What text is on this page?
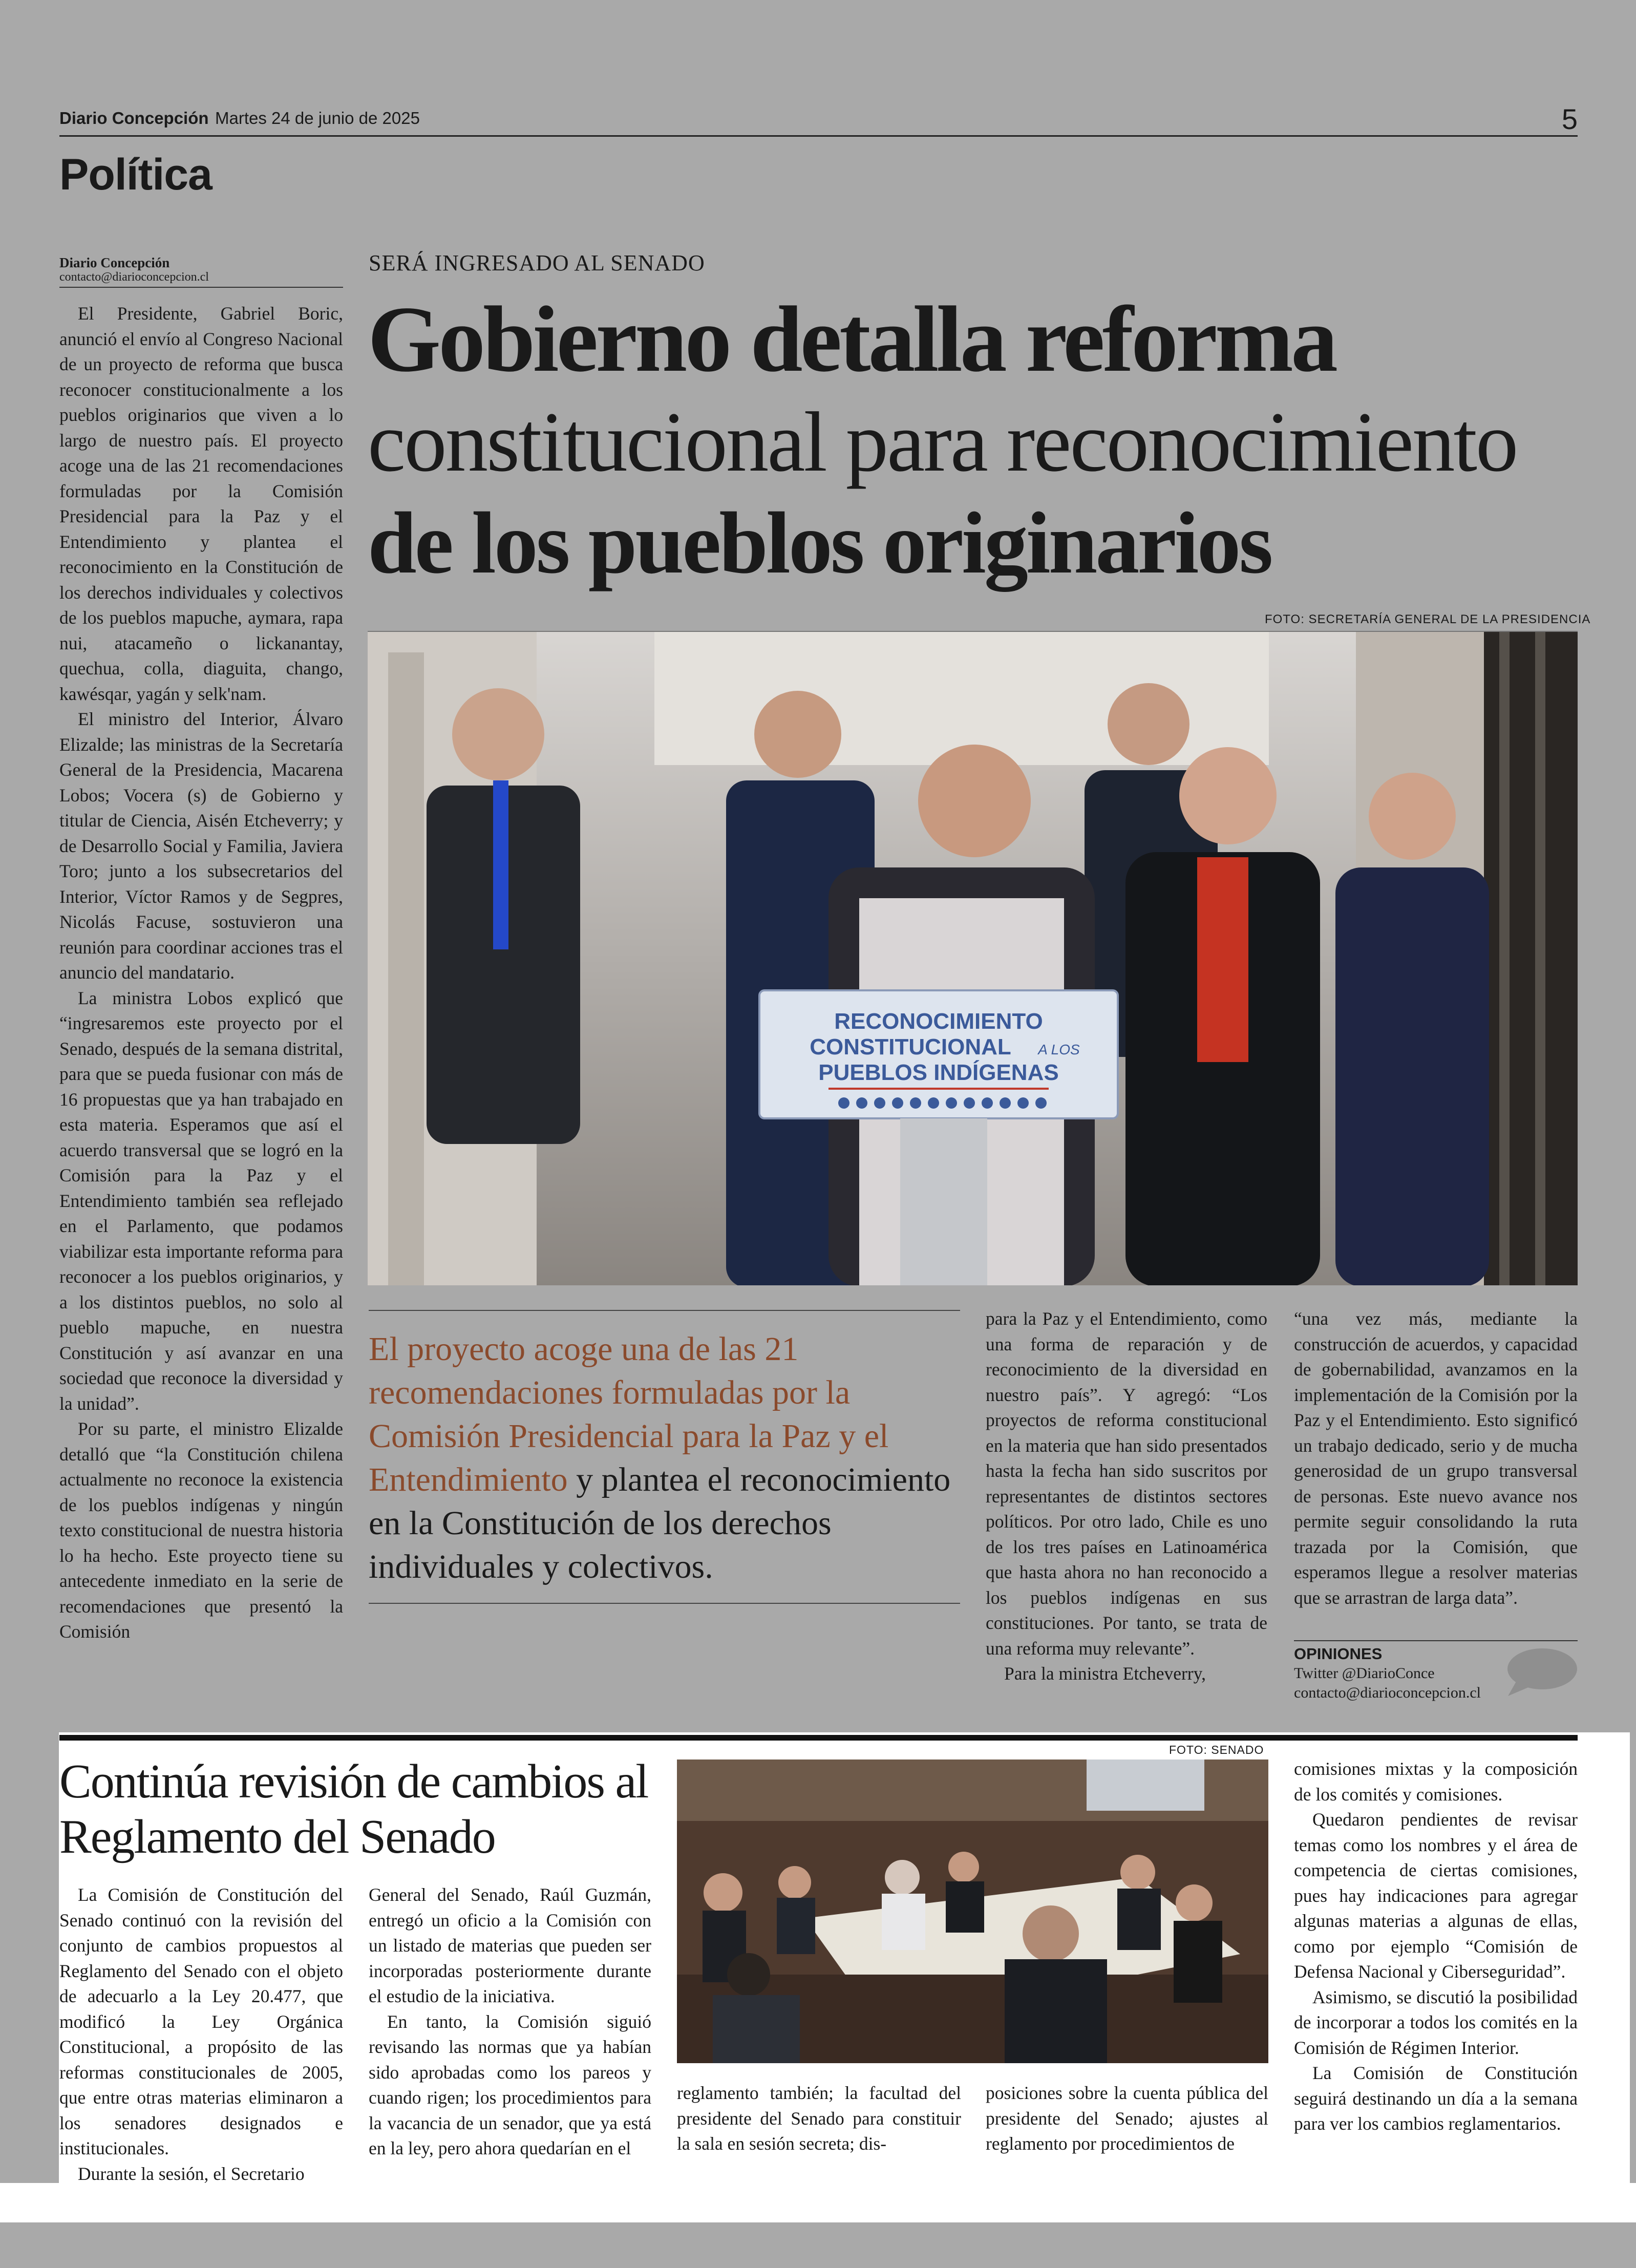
Diario Concepción Martes 24 de junio de 2025	5
Política
Diario Concepción
contacto@diarioconcepcion.cl

El Presidente, Gabriel Boric, anunció el envío al Congreso Nacional de un proyecto de reforma que busca reconocer constitucionalmente a los pueblos originarios que viven a lo largo de nuestro país. El proyecto acoge una de las 21 recomendaciones formuladas por la Comisión Presidencial para la Paz y el Entendimiento y plantea el reconocimiento en la Constitución de los derechos individuales y colectivos de los pueblos mapuche, aymara, rapa nui, atacameño o lickanantay, quechua, colla, diaguita, chango, kawésqar, yagán y selk'nam.

El ministro del Interior, Álvaro Elizalde; las ministras de la Secretaría General de la Presidencia, Macarena Lobos; Vocera (s) de Gobierno y titular de Ciencia, Aisén Etcheverry; y de Desarrollo Social y Familia, Javiera Toro; junto a los subsecretarios del Interior, Víctor Ramos y de Segpres, Nicolás Facuse, sostuvieron una reunión para coordinar acciones tras el anuncio del mandatario.

La ministra Lobos explicó que “ingresaremos este proyecto por el Senado, después de la semana distrital, para que se pueda fusionar con más de 16 propuestas que ya han trabajado en esta materia. Esperamos que así el acuerdo transversal que se logró en la Comisión para la Paz y el Entendimiento también sea reflejado en el Parlamento, que podamos viabilizar esta importante reforma para reconocer a los pueblos originarios, y a los distintos pueblos, no solo al pueblo mapuche, en nuestra Constitución y así avanzar en una sociedad que reconoce la diversidad y la unidad”.

Por su parte, el ministro Elizalde detalló que “la Constitución chilena actualmente no reconoce la existencia de los pueblos indígenas y ningún texto constitucional de nuestra historia lo ha hecho. Este proyecto tiene su antecedente inmediato en la serie de recomendaciones que presentó la Comisión

SERÁ INGRESADO AL SENADO
Gobierno detalla reforma
constitucional para reconocimiento
de los pueblos originarios
FOTO: SECRETARÍA GENERAL DE LA PRESIDENCIA
RECONOCIMIENTO
CONSTITUCIONAL A LOS
PUEBLOS INDÍGENAS
El proyecto acoge una de las 21 recomendaciones formuladas por la Comisión Presidencial para la Paz y el Entendimiento y plantea el reconocimiento en la Constitución de los derechos individuales y colectivos.

para la Paz y el Entendimiento, como una forma de reparación y de reconocimiento de la diversidad en nuestro país”. Y agregó: “Los proyectos de reforma constitucional en la materia que han sido presentados hasta la fecha han sido suscritos por representantes de distintos sectores políticos. Por otro lado, Chile es uno de los tres países en Latinoamérica que hasta ahora no han reconocido a los pueblos indígenas en sus constituciones. Por tanto, se trata de una reforma muy relevante”.

Para la ministra Etcheverry,

“una vez más, mediante la construcción de acuerdos, y capacidad de gobernabilidad, avanzamos en la implementación de la Comisión por la Paz y el Entendimiento. Esto significó un trabajo dedicado, serio y de mucha generosidad de un grupo transversal de personas. Este nuevo avance nos permite seguir consolidando la ruta trazada por la Comisión, que esperamos llegue a resolver materias que se arrastran de larga data”.

OPINIONES
Twitter @DiarioConce
contacto@diarioconcepcion.cl
Continúa revisión de cambios al Reglamento del Senado

La Comisión de Constitución del Senado continuó con la revisión del conjunto de cambios propuestos al Reglamento del Senado con el objeto de adecuarlo a la Ley 20.477, que modificó la Ley Orgánica Constitucional, a propósito de las reformas constitucionales de 2005, que entre otras materias eliminaron a los senadores designados e institucionales.

Durante la sesión, el Secretario

General del Senado, Raúl Guzmán, entregó un oficio a la Comisión con un listado de materias que pueden ser incorporadas posteriormente durante el estudio de la iniciativa.

En tanto, la Comisión siguió revisando las normas que ya habían sido aprobadas como los pareos y cuando rigen; los procedimientos para la vacancia de un senador, que ya está en la ley, pero ahora quedarían en el

FOTO: SENADO

reglamento también; la facultad del presidente del Senado para constituir la sala en sesión secreta; dis-

posiciones sobre la cuenta pública del presidente del Senado; ajustes al reglamento por procedimientos de

comisiones mixtas y la composición de los comités y comisiones.

Quedaron pendientes de revisar temas como los nombres y el área de competencia de ciertas comisiones, pues hay indicaciones para agregar algunas materias a algunas de ellas, como por ejemplo “Comisión de Defensa Nacional y Ciberseguridad”.

Asimismo, se discutió la posibilidad de incorporar a todos los comités en la Comisión de Régimen Interior.

La Comisión de Constitución seguirá destinando un día a la semana para ver los cambios reglamentarios.
